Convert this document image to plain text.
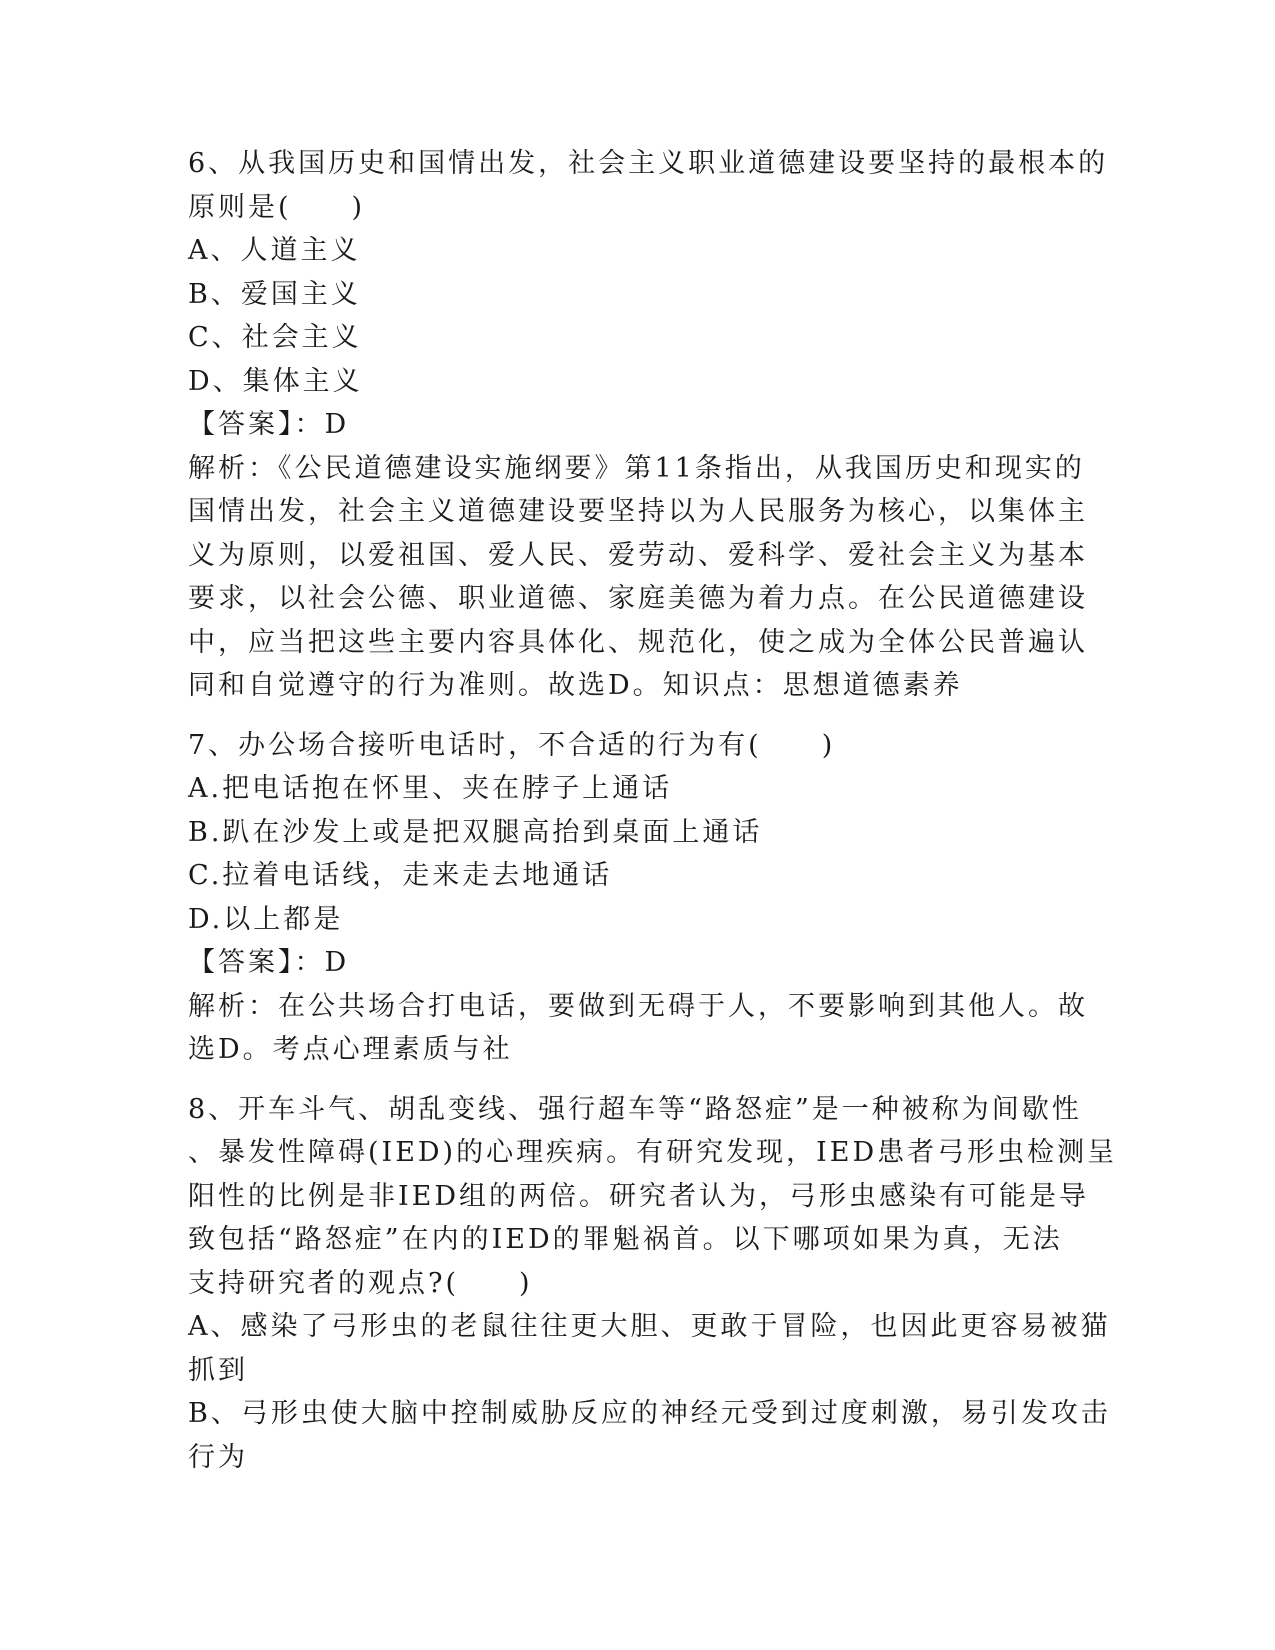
6、从我国历史和国情出发，社会主义职业道德建设要坚持的最根本的
原则是(　　)
A、人道主义
B、爱国主义
C、社会主义
D、集体主义
【答案】：D
解析：《公民道德建设实施纲要》第11条指出，从我国历史和现实的
国情出发，社会主义道德建设要坚持以为人民服务为核心，以集体主
义为原则，以爱祖国、爱人民、爱劳动、爱科学、爱社会主义为基本
要求，以社会公德、职业道德、家庭美德为着力点。在公民道德建设
中，应当把这些主要内容具体化、规范化，使之成为全体公民普遍认
同和自觉遵守的行为准则。故选D。知识点：思想道德素养
7、办公场合接听电话时，不合适的行为有(　　)
A.把电话抱在怀里、夹在脖子上通话
B.趴在沙发上或是把双腿高抬到桌面上通话
C.拉着电话线，走来走去地通话
D.以上都是
【答案】：D
解析：在公共场合打电话，要做到无碍于人，不要影响到其他人。故
选D。考点心理素质与社
8、开车斗气、胡乱变线、强行超车等“路怒症”是一种被称为间歇性
、暴发性障碍(IED)的心理疾病。有研究发现，IED患者弓形虫检测呈
阳性的比例是非IED组的两倍。研究者认为，弓形虫感染有可能是导
致包括“路怒症”在内的IED的罪魁祸首。以下哪项如果为真，无法
支持研究者的观点?(　　)
A、感染了弓形虫的老鼠往往更大胆、更敢于冒险，也因此更容易被猫
抓到
B、弓形虫使大脑中控制威胁反应的神经元受到过度刺激，易引发攻击
行为
